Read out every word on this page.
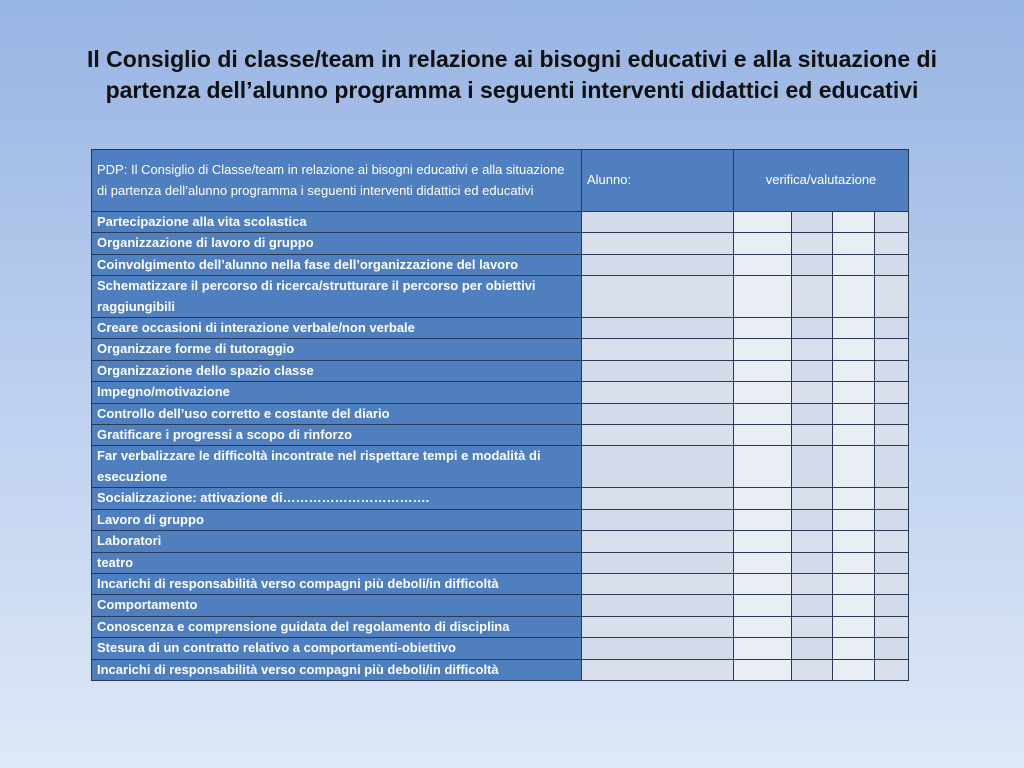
Il Consiglio di classe/team in relazione ai bisogni educativi e alla situazione di partenza dell’alunno programma i seguenti interventi didattici ed educativi
PDP: Il Consiglio di Classe/team in relazione ai bisogni educativi e alla situazione di partenza dell’alunno programma i seguenti interventi didattici ed educativi	Alunno:	verifica/valutazione			
Partecipazione alla vita scolastica					
Organizzazione di lavoro di gruppo					
Coinvolgimento dell’alunno nella fase dell’organizzazione del lavoro					
Schematizzare il percorso di ricerca/strutturare il percorso per obiettivi raggiungibili					
Creare occasioni di interazione verbale/non verbale					
Organizzare forme di tutoraggio					
Organizzazione dello spazio classe					
Impegno/motivazione					
Controllo dell’uso corretto e costante del diario					
Gratificare i progressi a scopo di rinforzo					
Far verbalizzare le difficoltà incontrate nel rispettare tempi e modalità di esecuzione					
Socializzazione: attivazione di…………………………….					
Lavoro di gruppo					
Laboratori					
teatro					
Incarichi di responsabilità verso compagni più deboli/in difficoltà					
Comportamento					
Conoscenza e comprensione guidata del regolamento di disciplina					
Stesura di un contratto relativo a comportamenti-obiettivo					
Incarichi di responsabilità verso compagni più deboli/in difficoltà					
